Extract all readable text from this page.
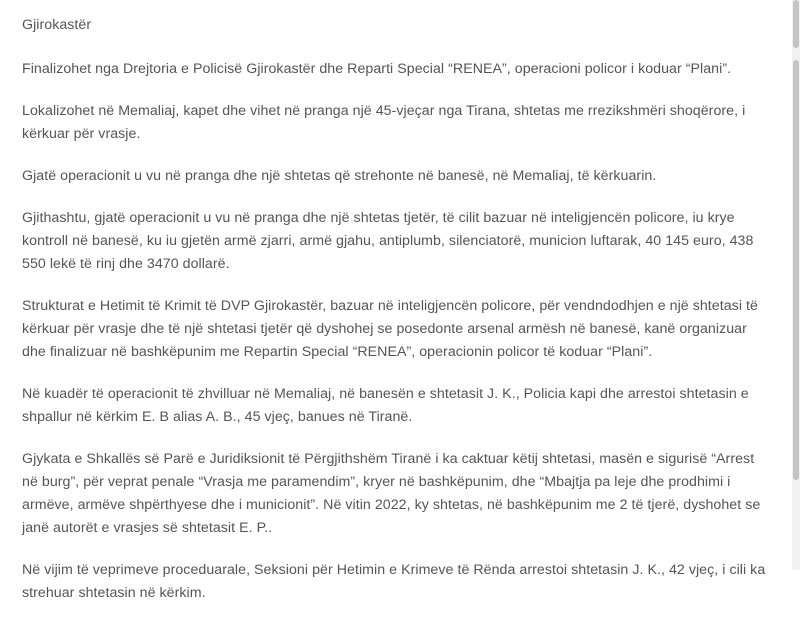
Gjirokastër

Finalizohet nga Drejtoria e Policisë Gjirokastër dhe Reparti Special “RENEA”, operacioni policor i koduar “Plani”.

Lokalizohet në Memaliaj, kapet dhe vihet në pranga një 45-vjeçar nga Tirana, shtetas me rrezikshmëri shoqërore, i kërkuar për vrasje.

Gjatë operacionit u vu në pranga dhe një shtetas që strehonte në banesë, në Memaliaj, të kërkuarin.

Gjithashtu, gjatë operacionit u vu në pranga dhe një shtetas tjetër, të cilit bazuar në inteligjencën policore, iu krye kontroll në banesë, ku iu gjetën armë zjarri, armë gjahu, antiplumb, silenciatorë, municion luftarak, 40 145 euro, 438 550 lekë të rinj dhe 3470 dollarë.

Strukturat e Hetimit të Krimit të DVP Gjirokastër, bazuar në inteligjencën policore, për vendndodhjen e një shtetasi të kërkuar për vrasje dhe të një shtetasi tjetër që dyshohej se posedonte arsenal armësh në banesë, kanë organizuar dhe finalizuar në bashkëpunim me Repartin Special “RENEA”, operacionin policor të koduar “Plani”.

Në kuadër të operacionit të zhvilluar në Memaliaj, në banesën e shtetasit J. K., Policia kapi dhe arrestoi shtetasin e shpallur në kërkim E. B alias A. B., 45 vjeç, banues në Tiranë.

Gjykata e Shkallës së Parë e Juridiksionit të Përgjithshëm Tiranë i ka caktuar këtij shtetasi, masën e sigurisë “Arrest në burg”, për veprat penale “Vrasja me paramendim”, kryer në bashkëpunim, dhe “Mbajtja pa leje dhe prodhimi i armëve, armëve shpërthyese dhe i municionit”. Në vitin 2022, ky shtetas, në bashkëpunim me 2 të tjerë, dyshohet se janë autorët e vrasjes së shtetasit E. P..

Në vijim të veprimeve proceduarale, Seksioni për Hetimin e Krimeve të Rënda arrestoi shtetasin J. K., 42 vjeç, i cili ka strehuar shtetasin në kërkim.
